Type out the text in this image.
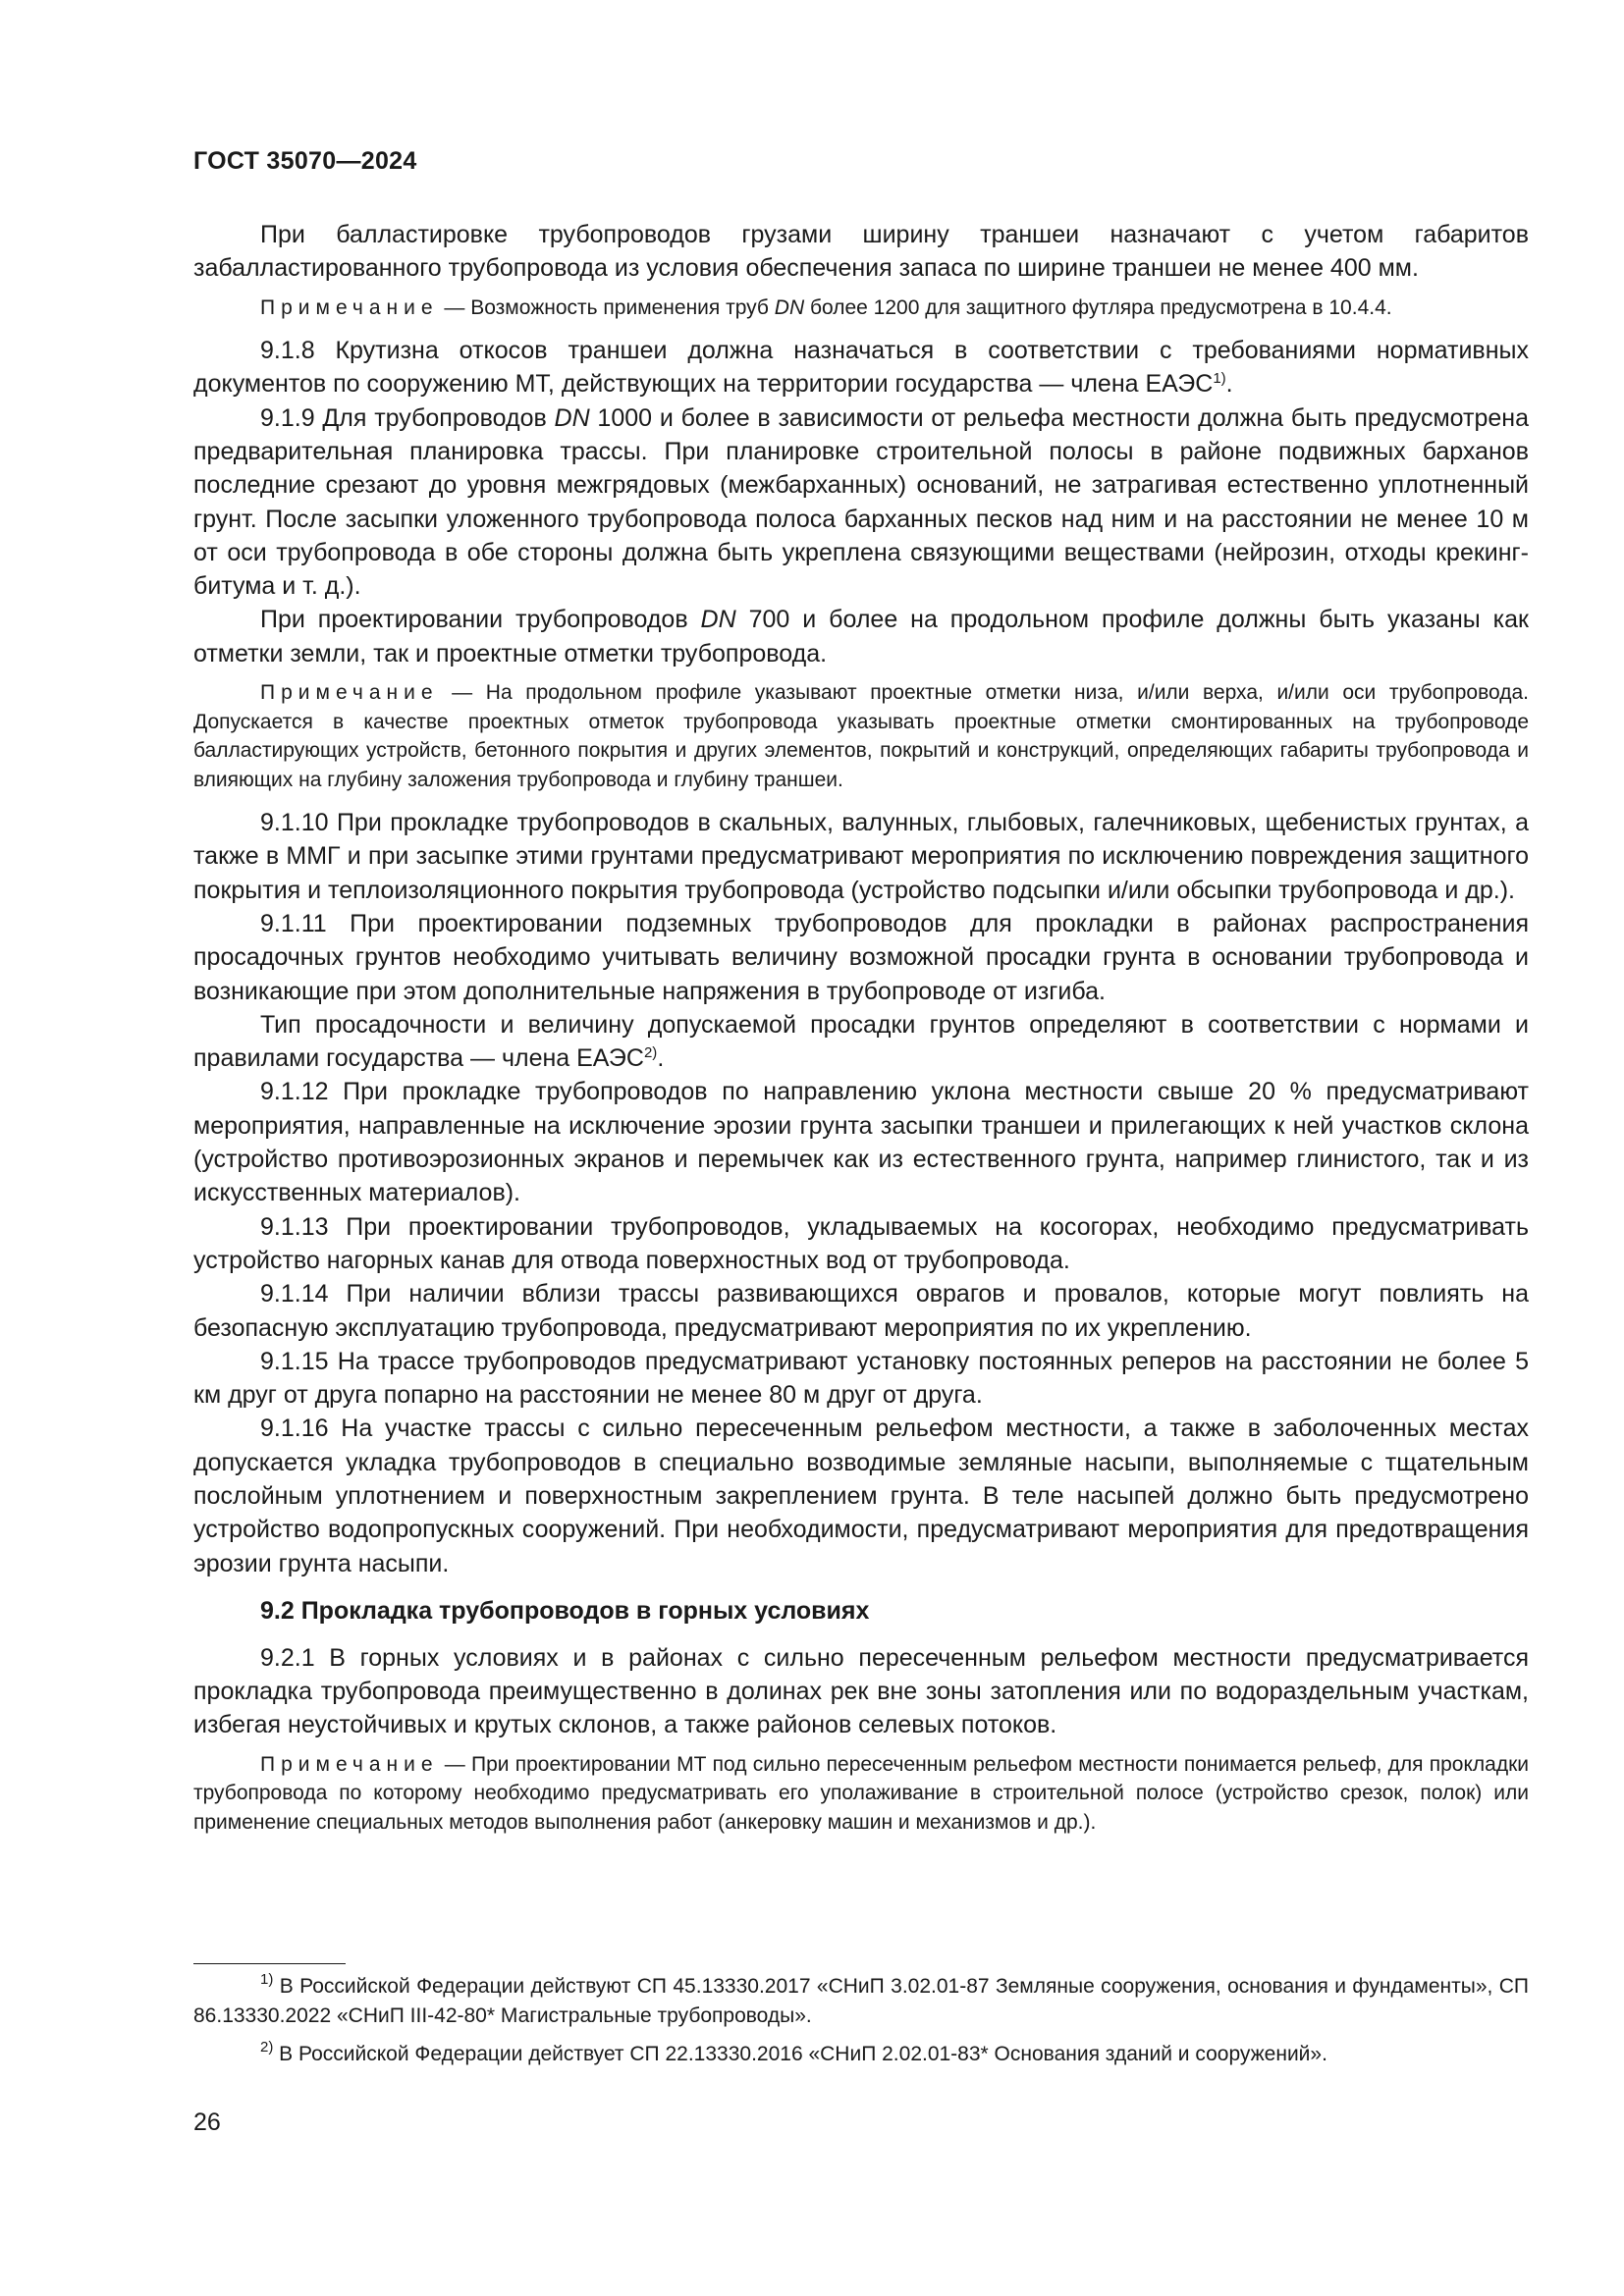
ГОСТ 35070—2024

При балластировке трубопроводов грузами ширину траншеи назначают с учетом габаритов забалластированного трубопровода из условия обеспечения запаса по ширине траншеи не менее 400 мм.

Примечание — Возможность применения труб DN более 1200 для защитного футляра предусмотрена в 10.4.4.

9.1.8 Крутизна откосов траншеи должна назначаться в соответствии с требованиями нормативных документов по сооружению МТ, действующих на территории государства — члена ЕАЭС$^{1)}$.

9.1.9 Для трубопроводов DN 1000 и более в зависимости от рельефа местности должна быть предусмотрена предварительная планировка трассы. При планировке строительной полосы в районе подвижных барханов последние срезают до уровня межгрядовых (межбарханных) оснований, не затрагивая естественно уплотненный грунт. После засыпки уложенного трубопровода полоса барханных песков над ним и на расстоянии не менее 10 м от оси трубопровода в обе стороны должна быть укреплена связующими веществами (нейрозин, отходы крекинг-битума и т. д.).

При проектировании трубопроводов DN 700 и более на продольном профиле должны быть указаны как отметки земли, так и проектные отметки трубопровода.

Примечание — На продольном профиле указывают проектные отметки низа, и/или верха, и/или оси трубопровода. Допускается в качестве проектных отметок трубопровода указывать проектные отметки смонтированных на трубопроводе балластирующих устройств, бетонного покрытия и других элементов, покрытий и конструкций, определяющих габариты трубопровода и влияющих на глубину заложения трубопровода и глубину траншеи.

9.1.10 При прокладке трубопроводов в скальных, валунных, глыбовых, галечниковых, щебенистых грунтах, а также в ММГ и при засыпке этими грунтами предусматривают мероприятия по исключению повреждения защитного покрытия и теплоизоляционного покрытия трубопровода (устройство подсыпки и/или обсыпки трубопровода и др.).

9.1.11 При проектировании подземных трубопроводов для прокладки в районах распространения просадочных грунтов необходимо учитывать величину возможной просадки грунта в основании трубопровода и возникающие при этом дополнительные напряжения в трубопроводе от изгиба.

Тип просадочности и величину допускаемой просадки грунтов определяют в соответствии с нормами и правилами государства — члена ЕАЭС$^{2)}$.

9.1.12 При прокладке трубопроводов по направлению уклона местности свыше 20 % предусматривают мероприятия, направленные на исключение эрозии грунта засыпки траншеи и прилегающих к ней участков склона (устройство противоэрозионных экранов и перемычек как из естественного грунта, например глинистого, так и из искусственных материалов).

9.1.13 При проектировании трубопроводов, укладываемых на косогорах, необходимо предусматривать устройство нагорных канав для отвода поверхностных вод от трубопровода.

9.1.14 При наличии вблизи трассы развивающихся оврагов и провалов, которые могут повлиять на безопасную эксплуатацию трубопровода, предусматривают мероприятия по их укреплению.

9.1.15 На трассе трубопроводов предусматривают установку постоянных реперов на расстоянии не более 5 км друг от друга попарно на расстоянии не менее 80 м друг от друга.

9.1.16 На участке трассы с сильно пересеченным рельефом местности, а также в заболоченных местах допускается укладка трубопроводов в специально возводимые земляные насыпи, выполняемые с тщательным послойным уплотнением и поверхностным закреплением грунта. В теле насыпей должно быть предусмотрено устройство водопропускных сооружений. При необходимости, предусматривают мероприятия для предотвращения эрозии грунта насыпи.

9.2 Прокладка трубопроводов в горных условиях

9.2.1 В горных условиях и в районах с сильно пересеченным рельефом местности предусматривается прокладка трубопровода преимущественно в долинах рек вне зоны затопления или по водораздельным участкам, избегая неустойчивых и крутых склонов, а также районов селевых потоков.

Примечание — При проектировании МТ под сильно пересеченным рельефом местности понимается рельеф, для прокладки трубопровода по которому необходимо предусматривать его уполаживание в строительной полосе (устройство срезок, полок) или применение специальных методов выполнения работ (анкеровку машин и механизмов и др.).

$^{1)}$ В Российской Федерации действуют СП 45.13330.2017 «СНиП 3.02.01-87 Земляные сооружения, основания и фундаменты», СП 86.13330.2022 «СНиП III-42-80* Магистральные трубопроводы».

$^{2)}$ В Российской Федерации действует СП 22.13330.2016 «СНиП 2.02.01-83* Основания зданий и сооружений».

26
